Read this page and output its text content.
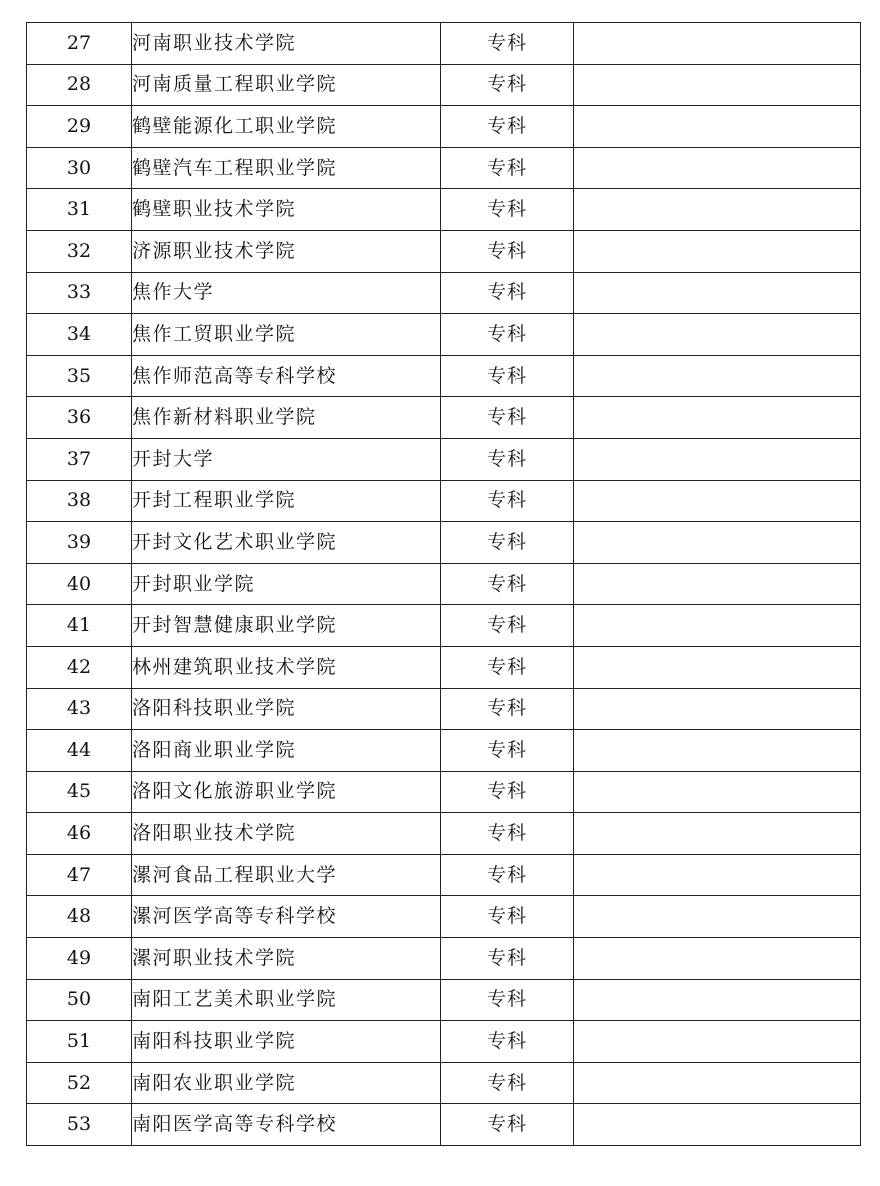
27	河南职业技术学院	专科	
28	河南质量工程职业学院	专科	
29	鹤壁能源化工职业学院	专科	
30	鹤壁汽车工程职业学院	专科	
31	鹤壁职业技术学院	专科	
32	济源职业技术学院	专科	
33	焦作大学	专科	
34	焦作工贸职业学院	专科	
35	焦作师范高等专科学校	专科	
36	焦作新材料职业学院	专科	
37	开封大学	专科	
38	开封工程职业学院	专科	
39	开封文化艺术职业学院	专科	
40	开封职业学院	专科	
41	开封智慧健康职业学院	专科	
42	林州建筑职业技术学院	专科	
43	洛阳科技职业学院	专科	
44	洛阳商业职业学院	专科	
45	洛阳文化旅游职业学院	专科	
46	洛阳职业技术学院	专科	
47	漯河食品工程职业大学	专科	
48	漯河医学高等专科学校	专科	
49	漯河职业技术学院	专科	
50	南阳工艺美术职业学院	专科	
51	南阳科技职业学院	专科	
52	南阳农业职业学院	专科	
53	南阳医学高等专科学校	专科	
